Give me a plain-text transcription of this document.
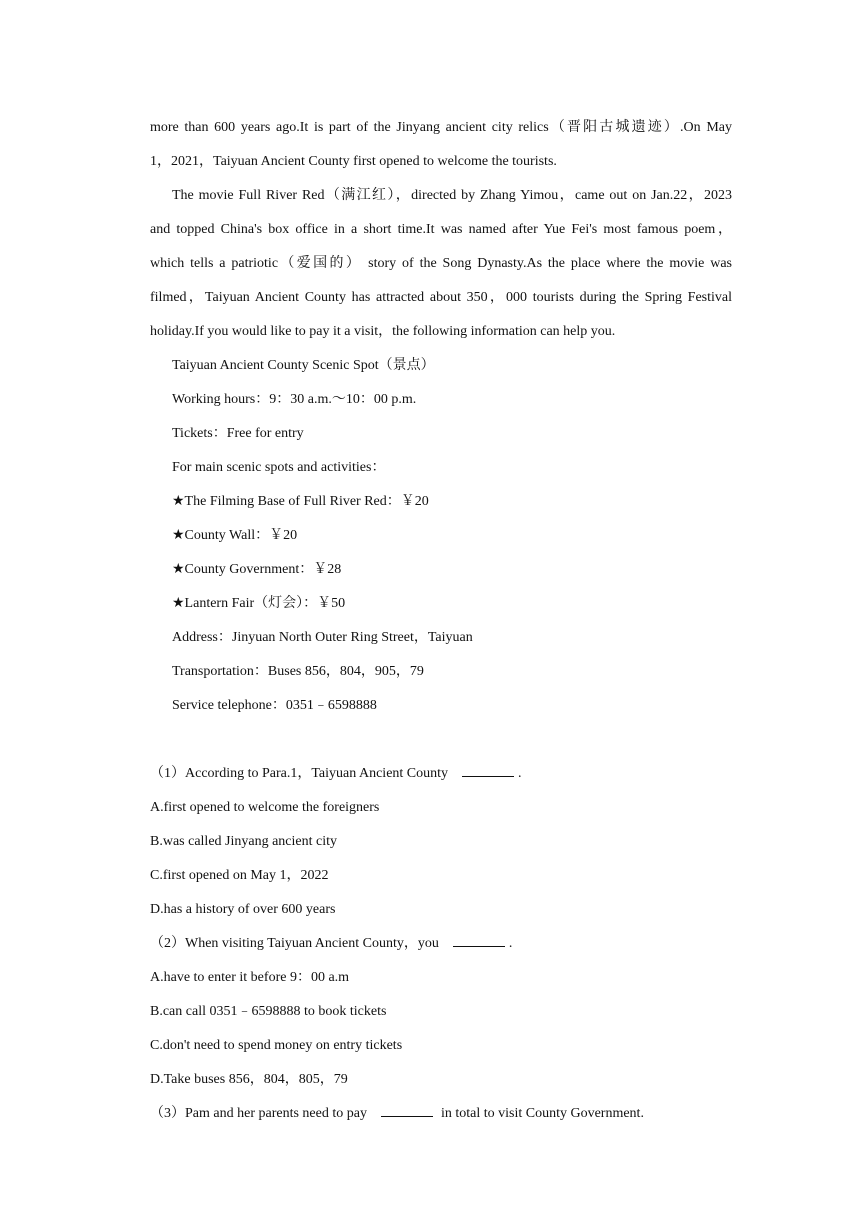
more than 600 years ago.It is part of the Jinyang ancient city relics（晋阳古城遗迹）.On May

1，2021，Taiyuan Ancient County first opened to welcome the tourists.

The movie Full River Red（满江红），directed by Zhang Yimou，came out on Jan.22，2023

and topped China's box office in a short time.It was named after Yue Fei's most famous poem，

which tells a patriotic（爱国的） story of the Song Dynasty.As the place where the movie was

filmed，Taiyuan Ancient County has attracted about 350，000 tourists during the Spring Festival

holiday.If you would like to pay it a visit，the following information can help you.

Taiyuan Ancient County Scenic Spot（景点）

Working hours：9：30 a.m.～10：00 p.m.

Tickets：Free for entry

For main scenic spots and activities：

★The Filming Base of Full River Red：￥20

★County Wall：￥20

★County Government：￥28

★Lantern Fair（灯会）：￥50

Address：Jinyuan North Outer Ring Street，Taiyuan

Transportation：Buses 856，804，905，79

Service telephone：0351﹣6598888

（1）According to Para.1，Taiyuan Ancient County	.

A.first opened to welcome the foreigners

B.was called Jinyang ancient city

C.first opened on May 1，2022

D.has a history of over 600 years

（2）When visiting Taiyuan Ancient County，you	.

A.have to enter it before 9：00 a.m

B.can call 0351﹣6598888 to book tickets

C.don't need to spend money on entry tickets

D.Take buses 856，804，805，79

（3）Pam and her parents need to pay	in total to visit County Government.
